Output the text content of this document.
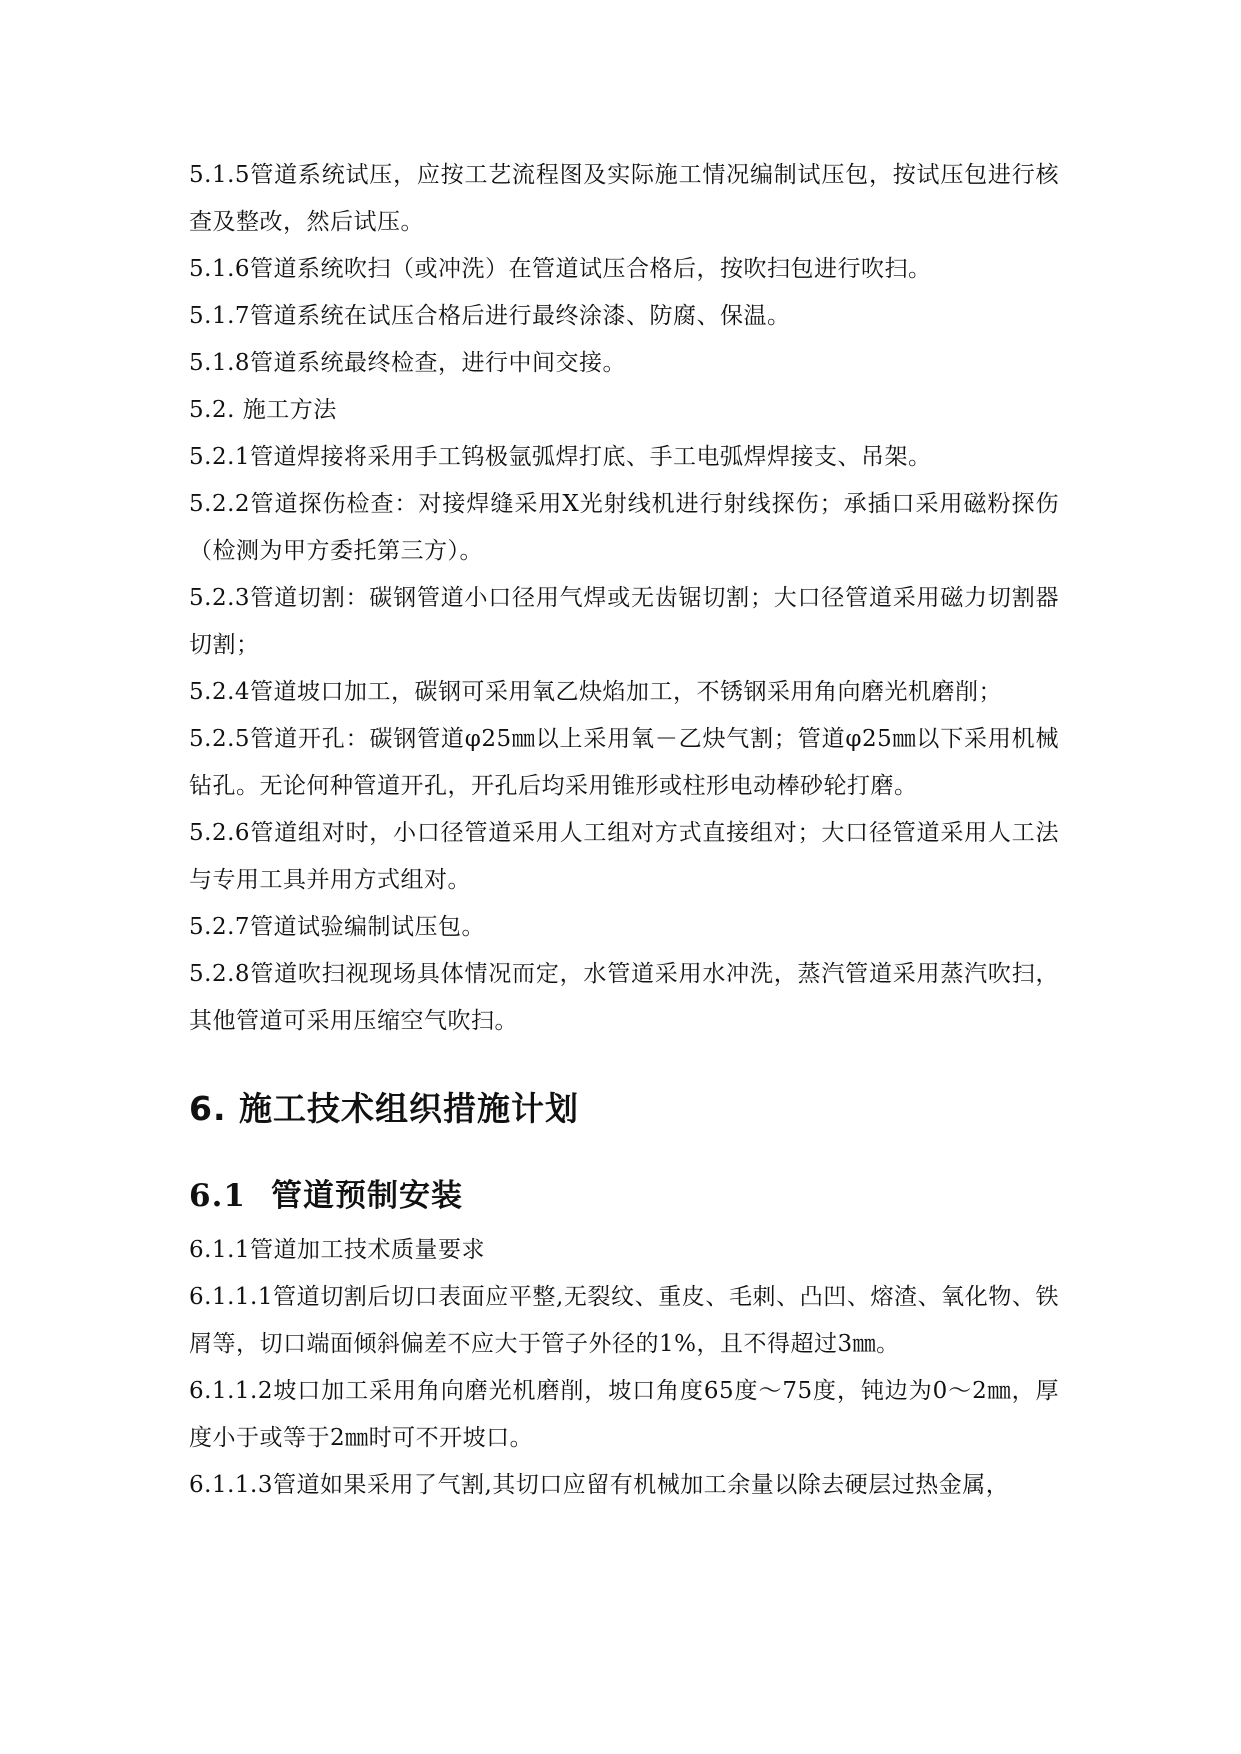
5.1.5管道系统试压，应按工艺流程图及实际施工情况编制试压包，按试压包进行核查及整改，然后试压。

5.1.6管道系统吹扫（或冲洗）在管道试压合格后，按吹扫包进行吹扫。

5.1.7管道系统在试压合格后进行最终涂漆、防腐、保温。

5.1.8管道系统最终检查，进行中间交接。

5.2. 施工方法

5.2.1管道焊接将采用手工钨极氩弧焊打底、手工电弧焊焊接支、吊架。

5.2.2管道探伤检查：对接焊缝采用X光射线机进行射线探伤；承插口采用磁粉探伤（检测为甲方委托第三方）。

5.2.3管道切割：碳钢管道小口径用气焊或无齿锯切割；大口径管道采用磁力切割器切割；

5.2.4管道坡口加工，碳钢可采用氧乙炔焰加工，不锈钢采用角向磨光机磨削；

5.2.5管道开孔：碳钢管道φ25㎜以上采用氧－乙炔气割；管道φ25㎜以下采用机械钻孔。无论何种管道开孔，开孔后均采用锥形或柱形电动棒砂轮打磨。

5.2.6管道组对时，小口径管道采用人工组对方式直接组对；大口径管道采用人工法与专用工具并用方式组对。

5.2.7管道试验编制试压包。

5.2.8管道吹扫视现场具体情况而定，水管道采用水冲洗，蒸汽管道采用蒸汽吹扫，其他管道可采用压缩空气吹扫。

6. 施工技术组织措施计划
6.1 管道预制安装

6.1.1管道加工技术质量要求

6.1.1.1管道切割后切口表面应平整,无裂纹、重皮、毛刺、凸凹、熔渣、氧化物、铁屑等，切口端面倾斜偏差不应大于管子外径的1%，且不得超过3㎜。

6.1.1.2坡口加工采用角向磨光机磨削，坡口角度65度～75度，钝边为0～2㎜，厚度小于或等于2㎜时可不开坡口。

6.1.1.3管道如果采用了气割,其切口应留有机械加工余量以除去硬层过热金属，
